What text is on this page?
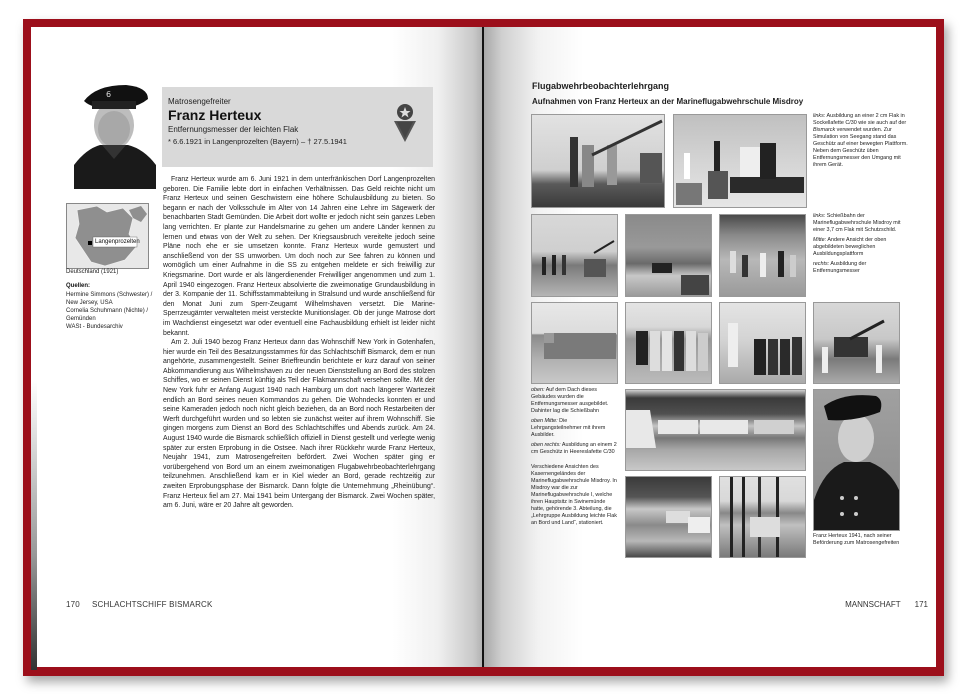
6
Matrosengefreiter
Franz Herteux
Entfernungsmesser der leichten Flak
* 6.6.1921 in Langenprozelten (Bayern) – † 27.5.1941
Langenprozelten
Deutschland (1921)
Quellen:
Hermine Simmons (Schwester) / New Jersey, USA
Cornelia Schuhmann (Nichte) / Gemünden
WASt - Bundesarchiv

Franz Herteux wurde am 6. Juni 1921 in dem unterfränkischen Dorf Langenprozelten geboren. Die Familie lebte dort in einfachen Verhältnissen. Das Geld reichte nicht um Franz Herteux und seinen Geschwistern eine höhere Schulausbildung zu bieten. So begann er nach der Volksschule im Alter von 14 Jahren eine Lehre im Sägewerk der benachbarten Stadt Gemünden. Die Arbeit dort wollte er jedoch nicht sein ganzes Leben lang verrichten. Er plante zur Handelsmarine zu gehen um andere Länder kennen zu lernen und etwas von der Welt zu sehen. Der Kriegsausbruch vereitelte jedoch seine Pläne noch ehe er sie umsetzen konnte. Franz Herteux wurde gemustert und anschließend von der SS umworben. Um doch noch zur See fahren zu können und womöglich um einer Aufnahme in die SS zu entgehen meldete er sich freiwillig zur Kriegsmarine. Dort wurde er als längerdienender Freiwilliger angenommen und zum 1. April 1940 eingezogen. Franz Herteux absolvierte die zweimonatige Grundausbildung in der 3. Kompanie der 11. Schiffsstammabteilung in Stralsund und wurde anschließend für den Monat Juni zum Sperr-Zeugamt Wilhelmshaven versetzt. Die Marine-Sperrzeugämter verwalteten meist versteckte Munitionslager. Ob der junge Matrose dort im Wachdienst eingesetzt war oder eventuell eine Fachausbildung erhielt ist leider nicht bekannt.

Am 2. Juli 1940 bezog Franz Herteux dann das Wohnschiff New York in Gotenhafen, hier wurde ein Teil des Besatzungsstammes für das Schlachtschiff Bismarck, dem er nun angehörte, zusammengestellt. Seiner Brieffreundin berichtete er kurz darauf von seiner Abkommandierung aus Wilhelmshaven zu der neuen Dienststellung an Bord des stolzen Schiffes, wo er seinen Dienst künftig als Teil der Flakmannschaft versehen sollte. Mit der New York fuhr er Anfang August 1940 nach Hamburg um dort nach längerer Wartezeit endlich an Bord seines neuen Kommandos zu gehen. Die Wohndecks konnten er und seine Kameraden jedoch noch nicht gleich beziehen, da an Bord noch Restarbeiten der Werft durchgeführt wurden und so lebten sie zunächst weiter auf ihrem Wohnschiff. Sie gingen morgens zum Dienst an Bord des Schlachtschiffes und Abends zurück. Am 24. August 1940 wurde die Bismarck schließlich offiziell in Dienst gestellt und verlegte wenig später zur ersten Erprobung in die Ostsee. Nach ihrer Rückkehr wurde Franz Herteux, Neujahr 1941, zum Matrosengefreiten befördert. Zwei Wochen später ging er vorübergehend von Bord um an einem zweimonatigen Flugabwehrbeobachterlehrgang teilzunehmen. Anschließend kam er in Kiel wieder an Bord, gerade rechtzeitig zur zweiten Erprobungsphase der Bismarck. Dann folgte die Unternehmung „Rheinübung“. Franz Herteux fiel am 27. Mai 1941 beim Untergang der Bismarck. Zwei Wochen später, am 6. Juni, wäre er 20 Jahre alt geworden.

170 SCHLACHTSCHIFF BISMARCK
Flugabwehrbeobachterlehrgang
Aufnahmen von Franz Herteux an der Marineflugabwehrschule Misdroy

links: Schießbahn der Marineflugabwehrschule Misdroy mit einer 3,7 cm Flak mit Schutzschild.

Mitte: Andere Ansicht der oben abgebildeten beweglichen Ausbildungsplattform

rechts: Ausbildung der Entfernungsmesser

oben: Auf dem Dach dieses Gebäudes wurden die Entfernungsmesser ausgebildet. Dahinter lag die Schießbahn

oben Mitte: Die Lehrgangsteilnehmer mit ihrem Ausbilder.

oben rechts: Ausbildung an einem 2 cm Geschütz in Heereslafette C/30

Verschiedene Ansichten des Kasernengeländes der Marineflugabwehrschule Misdroy. In Misdroy war die zur Marineflugabwehrschule I, welche ihren Hauptsitz in Swinemünde hatte, gehörende 3. Abteilung, die „Lehrgruppe Ausbildung leichte Flak an Bord und Land“, stationiert.

Franz Herteux 1941, nach seiner Beförderung zum Matrosengefreiten

links: Ausbildung an einer 2 cm Flak in Sockellafette C/30 wie sie auch auf der Bismarck verwendet wurden. Zur Simulation von Seegang stand das Geschütz auf einer bewegten Plattform. Neben dem Geschütz üben Entfernungsmesser den Umgang mit ihrem Gerät.

MANNSCHAFT 171
